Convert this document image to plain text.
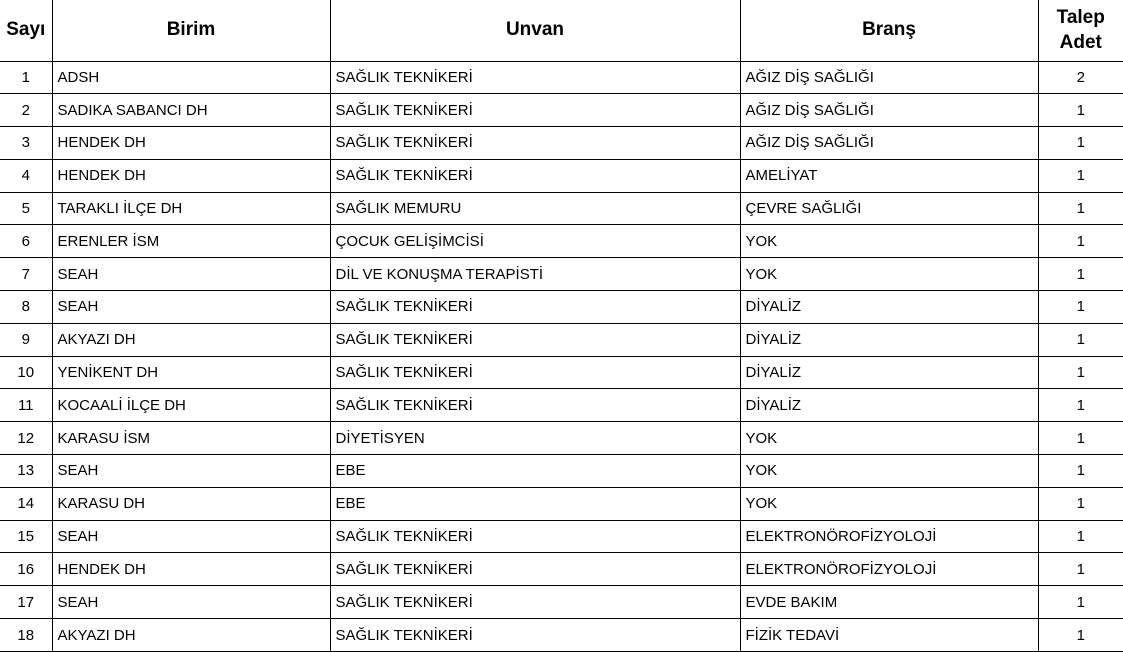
Sayı	Birim	Unvan	Branş	Talep Adet
1	ADSH	SAĞLIK TEKNİKERİ	AĞIZ DİŞ SAĞLIĞI	2
2	SADIKA SABANCI DH	SAĞLIK TEKNİKERİ	AĞIZ DİŞ SAĞLIĞI	1
3	HENDEK DH	SAĞLIK TEKNİKERİ	AĞIZ DİŞ SAĞLIĞI	1
4	HENDEK DH	SAĞLIK TEKNİKERİ	AMELİYAT	1
5	TARAKLI İLÇE DH	SAĞLIK MEMURU	ÇEVRE SAĞLIĞI	1
6	ERENLER İSM	ÇOCUK GELİŞİMCİSİ	YOK	1
7	SEAH	DİL VE KONUŞMA TERAPİSTİ	YOK	1
8	SEAH	SAĞLIK TEKNİKERİ	DİYALİZ	1
9	AKYAZI DH	SAĞLIK TEKNİKERİ	DİYALİZ	1
10	YENİKENT DH	SAĞLIK TEKNİKERİ	DİYALİZ	1
11	KOCAALİ İLÇE DH	SAĞLIK TEKNİKERİ	DİYALİZ	1
12	KARASU İSM	DİYETİSYEN	YOK	1
13	SEAH	EBE	YOK	1
14	KARASU DH	EBE	YOK	1
15	SEAH	SAĞLIK TEKNİKERİ	ELEKTRONÖROFİZYOLOJİ	1
16	HENDEK DH	SAĞLIK TEKNİKERİ	ELEKTRONÖROFİZYOLOJİ	1
17	SEAH	SAĞLIK TEKNİKERİ	EVDE BAKIM	1
18	AKYAZI DH	SAĞLIK TEKNİKERİ	FİZİK TEDAVİ	1
